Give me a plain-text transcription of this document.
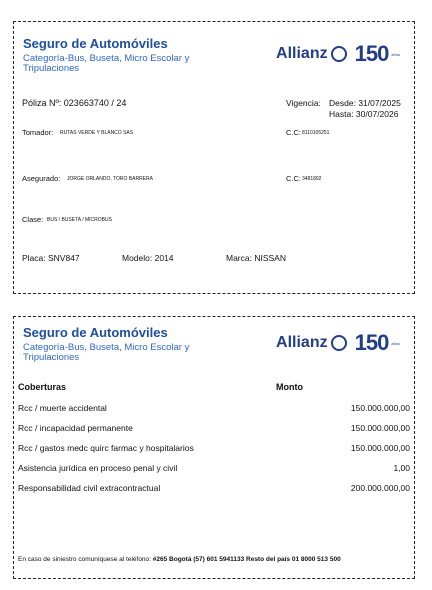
Seguro de Automóviles
Categoría-Bus, Buseta, Micro Escolar y Tripulaciones
Allianz 150 años
Póliza Nº: 023663740 / 24	Vigencia: Desde: 31/07/2025
Hasta: 30/07/2026
Tomador: RUTAS VERDE Y BLANCO SAS	C.C: 8110105251
Asegurado: JORGE ORLANDO, TORO BARRERA	C.C: 3481892
Clase: BUS / BUSETA / MICROBUS
Placa: SNV847	Modelo: 2014	Marca: NISSAN
Seguro de Automóviles
Categoría-Bus, Buseta, Micro Escolar y Tripulaciones
Allianz 150 años
Coberturas	Monto
Rcc / muerte accidental	150.000.000,00
Rcc / incapacidad permanente	150.000.000,00
Rcc / gastos medc quirc farmac y hospitalarios	150.000.000,00
Asistencia jurídica en proceso penal y civil	1,00
Responsabilidad civil extracontractual	200.000.000,00
En caso de siniestro comuníquese al teléfono: #265 Bogotá (57) 601 5941133 Resto del país 01 8000 513 500
